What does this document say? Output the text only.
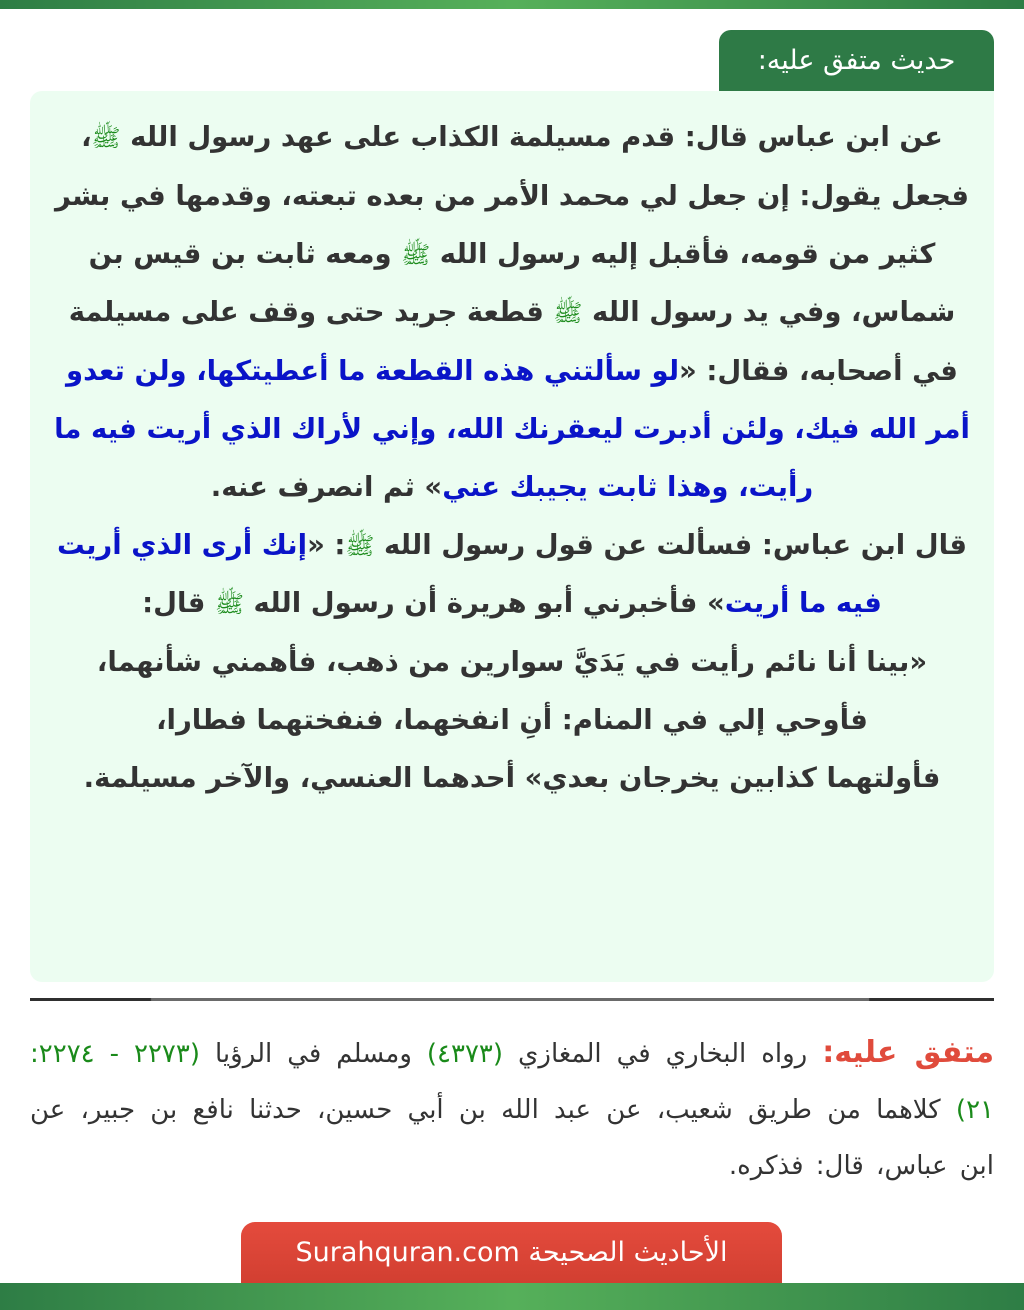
حديث متفق عليه:

عن ابن عباس قال: قدم مسيلمة الكذاب على عهد رسول الله ﷺ، فجعل يقول: إن جعل لي محمد الأمر من بعده تبعته، وقدمها في بشر كثير من قومه، فأقبل إليه رسول الله ﷺ ومعه ثابت بن قيس بن شماس، وفي يد رسول الله ﷺ قطعة جريد حتى وقف على مسيلمة في أصحابه، فقال: «لو سألتني هذه القطعة ما أعطيتكها، ولن تعدو أمر الله فيك، ولئن أدبرت ليعقرنك الله، وإني لأراك الذي أريت فيه ما رأيت، وهذا ثابت يجيبك عني» ثم انصرف عنه.

قال ابن عباس: فسألت عن قول رسول الله ﷺ: «إنك أرى الذي أريت فيه ما أريت» فأخبرني أبو هريرة أن رسول الله ﷺ قال:

«بينا أنا نائم رأيت في يَدَيَّ سوارين من ذهب، فأهمني شأنهما، فأوحي إلي في المنام: أنِ انفخهما، فنفختهما فطارا،

فأولتهما كذابين يخرجان بعدي» أحدهما العنسي، والآخر مسيلمة.

متفق عليه: رواه البخاري في المغازي (٤٣٧٣) ومسلم في الرؤيا (٢٢٧٣ - ٢٢٧٤: ٢١) كلاهما من طريق شعيب، عن عبد الله بن أبي حسين، حدثنا نافع بن جبير، عن ابن عباس، قال: فذكره.
الأحاديث الصحيحة Surahquran.com
